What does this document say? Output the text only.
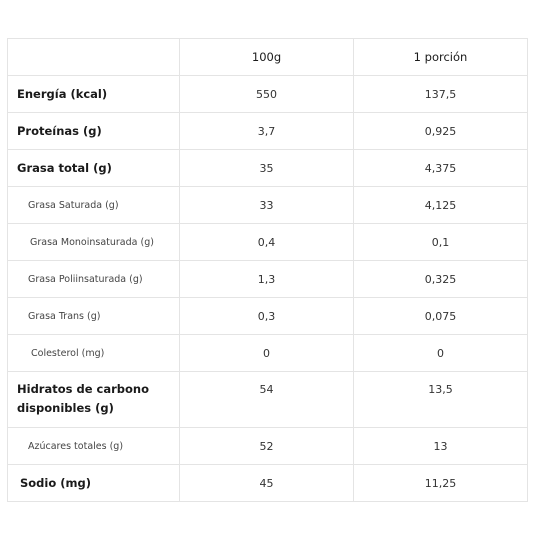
	100g	1 porción
Energía (kcal)	550	137,5
Proteínas (g)	3,7	0,925
Grasa total (g)	35	4,375
Grasa Saturada (g)	33	4,125
Grasa Monoinsaturada (g)	0,4	0,1
Grasa Poliinsaturada (g)	1,3	0,325
Grasa Trans (g)	0,3	0,075
Colesterol (mg)	0	0
Hidratos de carbono disponibles (g)	54	13,5
Azúcares totales (g)	52	13
Sodio (mg)	45	11,25
